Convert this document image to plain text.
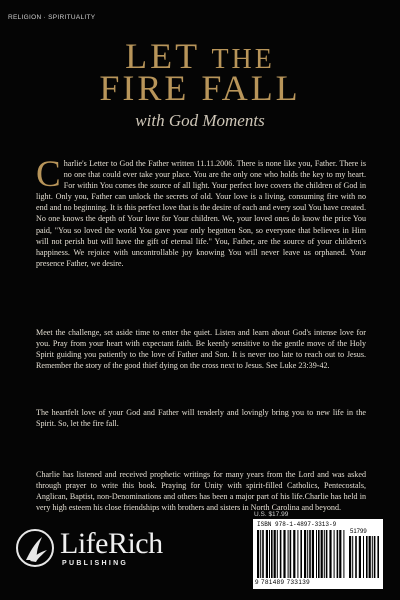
RELIGION · SPIRITUALITY
LET THE
FIRE FALL
with God Moments
Charlie's Letter to God the Father written 11.11.2006. There is none like you, Father. There is no one that could ever take your place. You are the only one who holds the key to my heart. For within You comes the source of all light. Your perfect love covers the children of God in light. Only you, Father can unlock the secrets of old. Your love is a living, consuming fire with no end and no beginning. It is this perfect love that is the desire of each and every soul You have created. No one knows the depth of Your love for Your children. We, your loved ones do know the price You paid, "You so loved the world You gave your only begotten Son, so everyone that believes in Him will not perish but will have the gift of eternal life." You, Father, are the source of your children's happiness. We rejoice with uncontrollable joy knowing You will never leave us orphaned. Your presence Father, we desire.
Meet the challenge, set aside time to enter the quiet. Listen and learn about God's intense love for you. Pray from your heart with expectant faith. Be keenly sensitive to the gentle move of the Holy Spirit guiding you patiently to the love of Father and Son. It is never too late to reach out to Jesus. Remember the story of the good thief dying on the cross next to Jesus. See Luke 23:39-42.
The heartfelt love of your God and Father will tenderly and lovingly bring you to new life in the Spirit. So, let the fire fall.
Charlie has listened and received prophetic writings for many years from the Lord and was asked through prayer to write this book. Praying for Unity with spirit-filled Catholics, Pentecostals, Anglican, Baptist, non-Denominations and others has been a major part of his life.Charlie has held in very high esteem his close friendships with brothers and sisters in North Carolina and beyond.
LifeRich
PUBLISHING
U.S. $17.99
ISBN 978-1-4897-3313-9
51799
9 781489 733139
